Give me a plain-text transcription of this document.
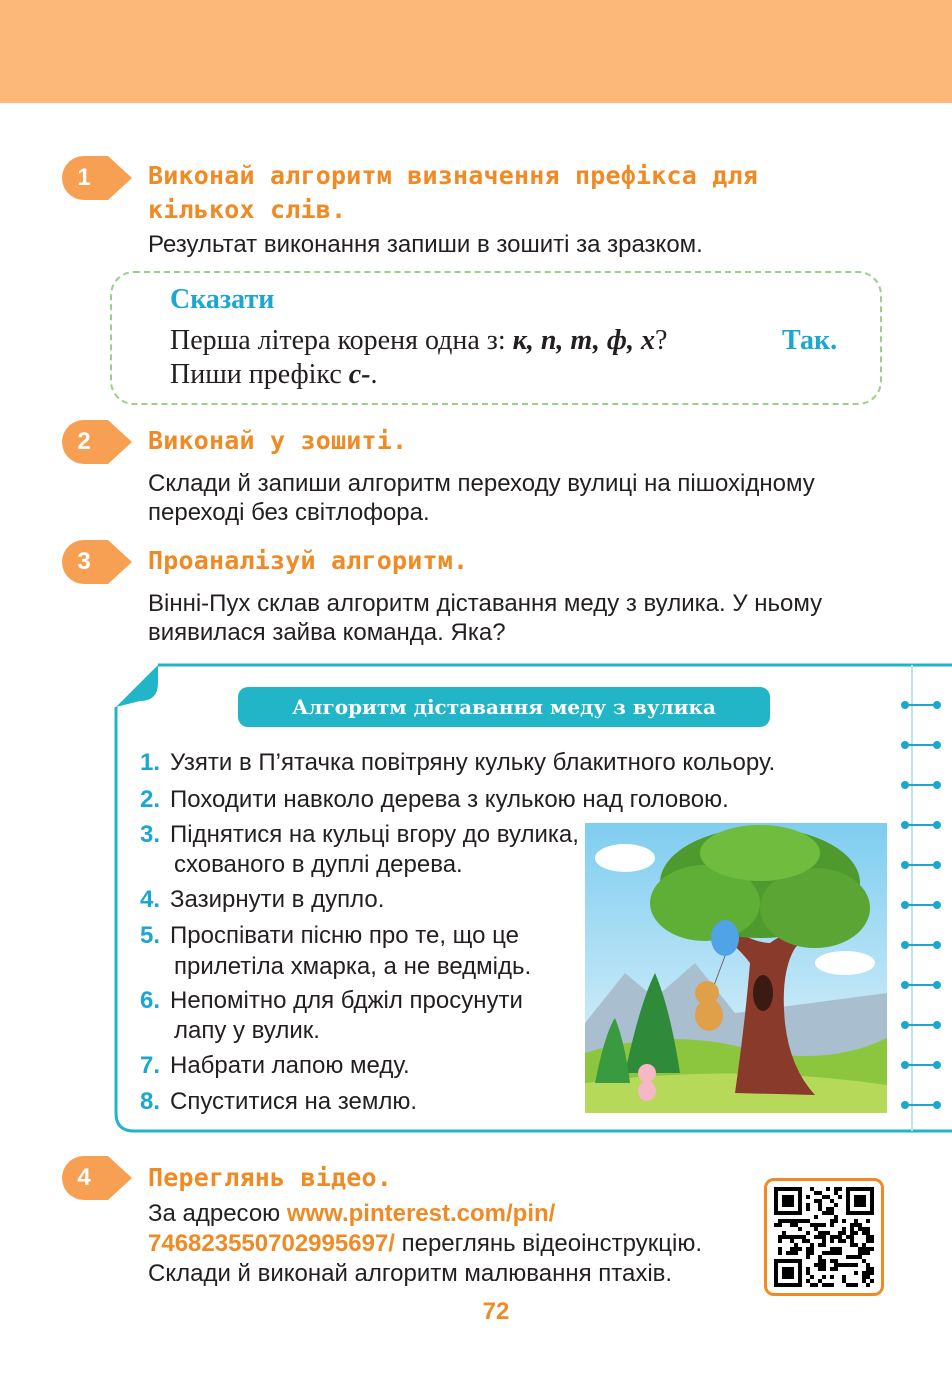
1	Виконай алгоритм визначення префікса для
кількох слів.
Результат виконання запиши в зошиті за зразком.
Сказати
Перша літера кореня одна з: к, п, т, ф, х?	Так.
Пиши префікс с-.
2	Виконай у зошиті.
Склади й запиши алгоритм переходу вулиці на пішохідному
переході без світлофора.
3	Проаналізуй алгоритм.
Вінні-Пух склав алгоритм діставання меду з вулика. У ньому
виявилася зайва команда. Яка?
Алгоритм діставання меду з вулика
1. Узяти в П’ятачка повітряну кульку блакитного кольору.
2. Походити навколо дерева з кулькою над головою.
3. Піднятися на кульці вгору до вулика,
схованого в дуплі дерева.
4. Зазирнути в дупло.
5. Проспівати пісню про те, що це
прилетіла хмарка, а не ведмідь.
6. Непомітно для бджіл просунути
лапу у вулик.
7. Набрати лапою меду.
8. Спуститися на землю.
4	Переглянь відео.
За адресою www.pinterest.com/pin/
746823550702995697/ переглянь відеоінструкцію.
Склади й виконай алгоритм малювання птахів.
72
